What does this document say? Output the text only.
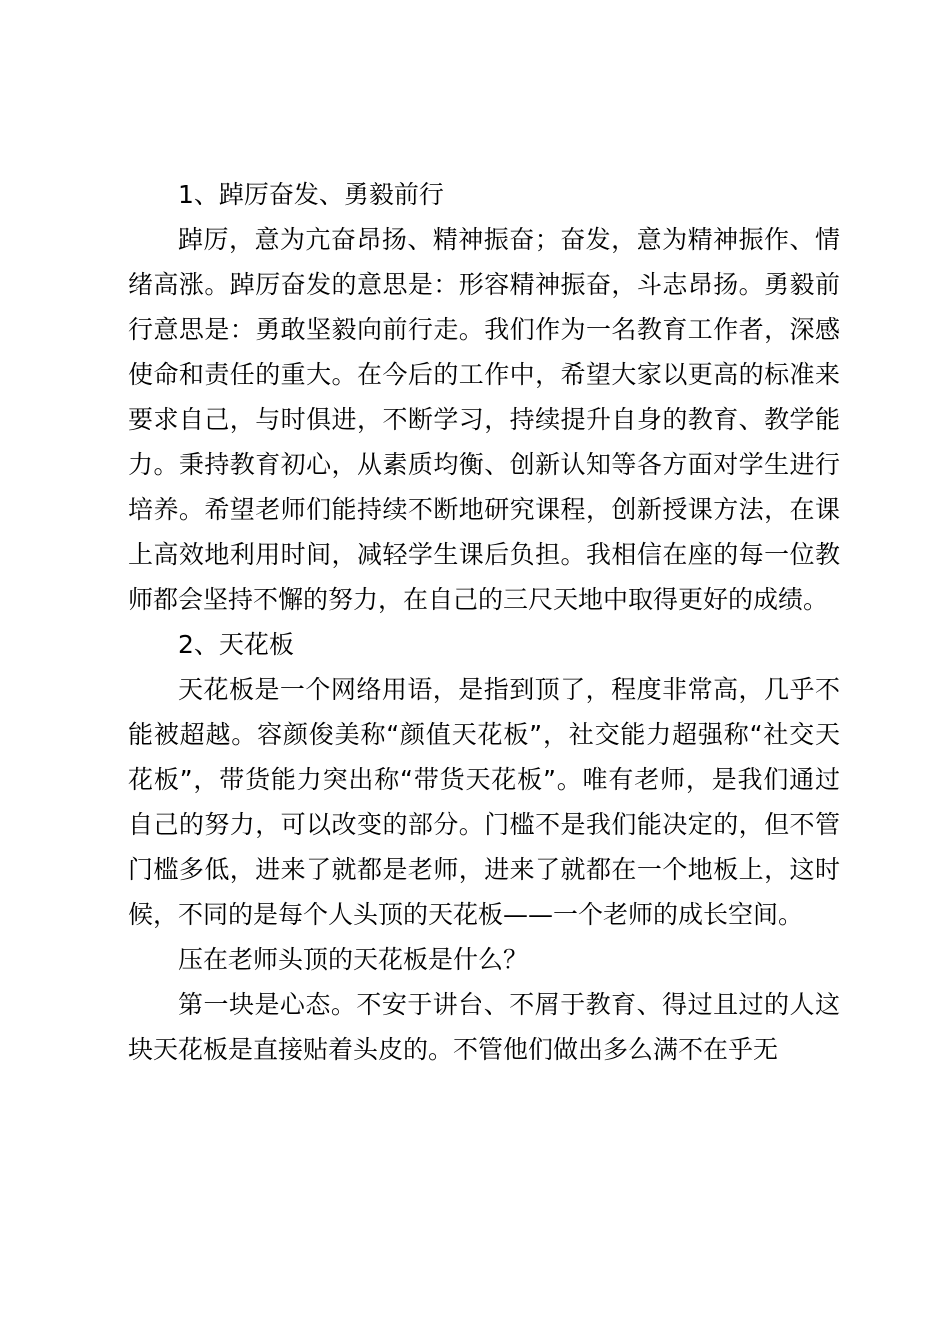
1、踔厉奋发、勇毅前行

踔厉，意为亢奋昂扬、精神振奋；奋发，意为精神振作、情绪高涨。踔厉奋发的意思是：形容精神振奋，斗志昂扬。勇毅前行意思是：勇敢坚毅向前行走。我们作为一名教育工作者，深感使命和责任的重大。在今后的工作中，希望大家以更高的标准来要求自己，与时俱进，不断学习，持续提升自身的教育、教学能力。秉持教育初心，从素质均衡、创新认知等各方面对学生进行培养。希望老师们能持续不断地研究课程，创新授课方法，在课上高效地利用时间，减轻学生课后负担。我相信在座的每一位教师都会坚持不懈的努力，在自己的三尺天地中取得更好的成绩。

2、天花板

天花板是一个网络用语，是指到顶了，程度非常高，几乎不能被超越。容颜俊美称“颜值天花板”，社交能力超强称“社交天花板”，带货能力突出称“带货天花板”。唯有老师，是我们通过自己的努力，可以改变的部分。门槛不是我们能决定的，但不管门槛多低，进来了就都是老师，进来了就都在一个地板上，这时候，不同的是每个人头顶的天花板——一个老师的成长空间。

压在老师头顶的天花板是什么？

第一块是心态。不安于讲台、不屑于教育、得过且过的人这块天花板是直接贴着头皮的。不管他们做出多么满不在乎无
